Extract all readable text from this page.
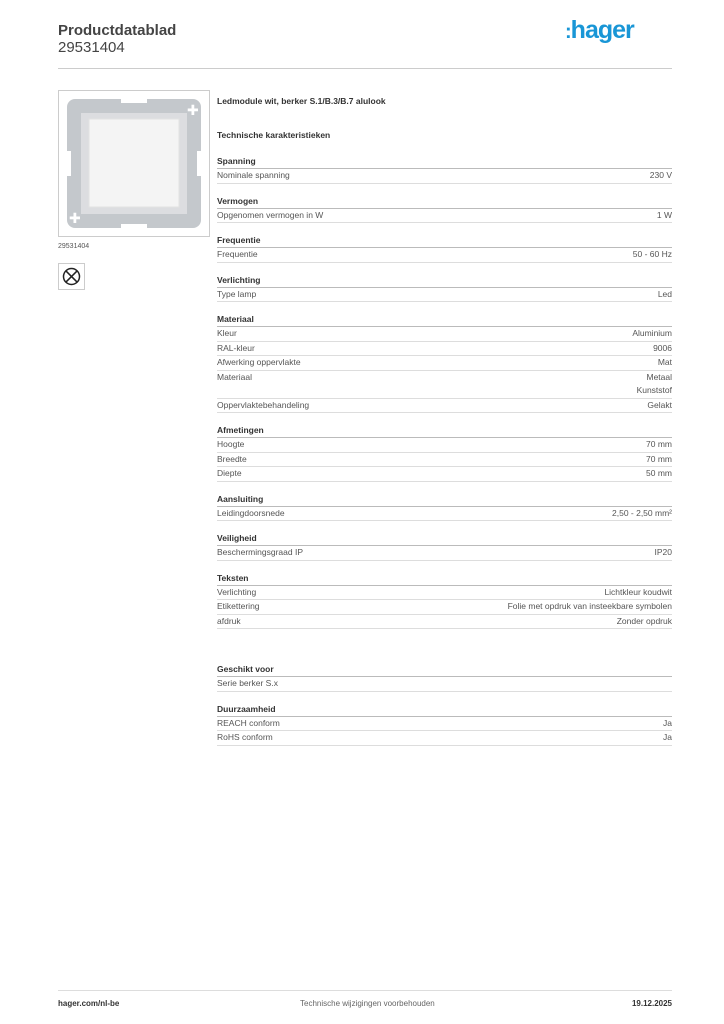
Productdatablad
29531404
:hager
✚
✚
29531404
Ledmodule wit, berker S.1/B.3/B.7 alulook
Technische karakteristieken
Spanning
Nominale spanning	230 V
Vermogen
Opgenomen vermogen in W	1 W
Frequentie
Frequentie	50 - 60 Hz
Verlichting
Type lamp	Led
Materiaal
Kleur	Aluminium
RAL-kleur	9006
Afwerking oppervlakte	Mat
Materiaal	Metaal
Kunststof
Oppervlaktebehandeling	Gelakt
Afmetingen
Hoogte	70 mm
Breedte	70 mm
Diepte	50 mm
Aansluiting
Leidingdoorsnede	2,50 - 2,50 mm²
Veiligheid
Beschermingsgraad IP	IP20
Teksten
Verlichting	Lichtkleur koudwit
Etikettering	Folie met opdruk van insteekbare symbolen
afdruk	Zonder opdruk
Geschikt voor
Serie berker S.x
Duurzaamheid
REACH conform	Ja
RoHS conform	Ja
hager.com/nl-be	Technische wijzigingen voorbehouden	19.12.2025
